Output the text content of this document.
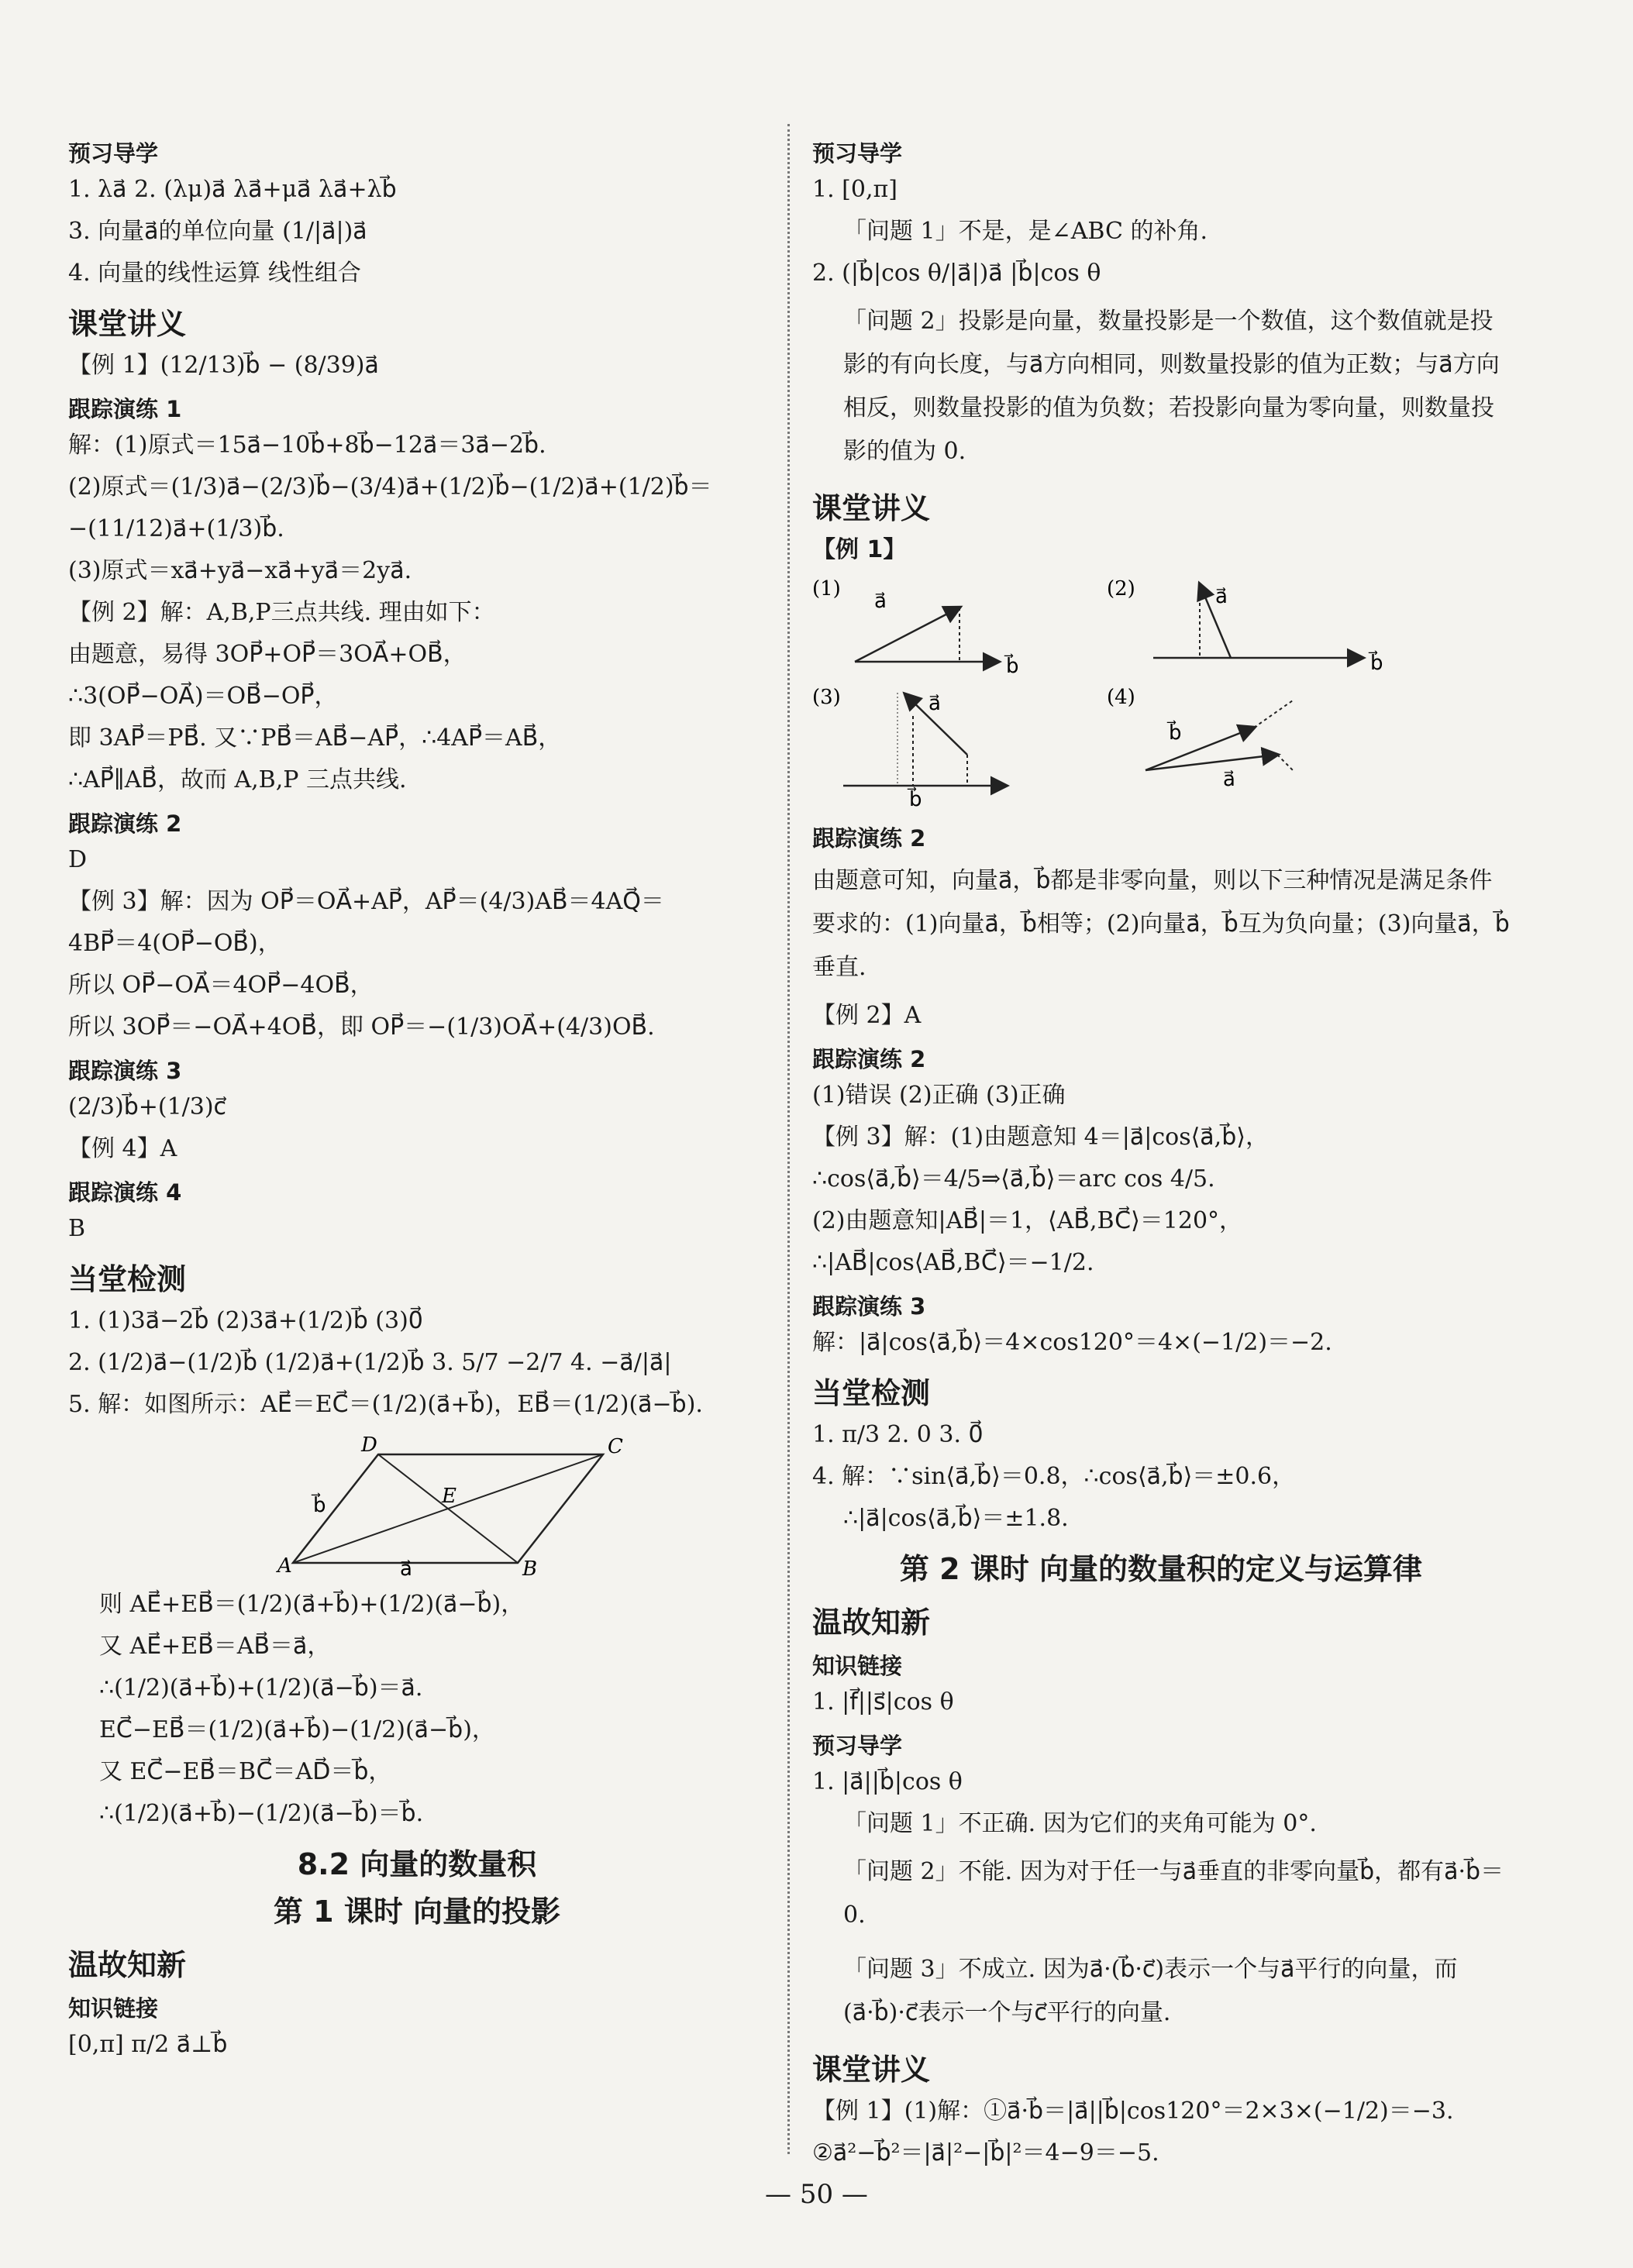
预习导学
1. λa⃗ 2. (λμ)a⃗ λa⃗+μa⃗ λa⃗+λb⃗
3. 向量a⃗的单位向量 (1/|a⃗|)a⃗
4. 向量的线性运算 线性组合
课堂讲义
【例 1】(12/13)b⃗ − (8/39)a⃗
跟踪演练 1
解：(1)原式＝15a⃗−10b⃗+8b⃗−12a⃗＝3a⃗−2b⃗.
(2)原式＝(1/3)a⃗−(2/3)b⃗−(3/4)a⃗+(1/2)b⃗−(1/2)a⃗+(1/2)b⃗＝
−(11/12)a⃗+(1/3)b⃗.
(3)原式＝xa⃗+ya⃗−xa⃗+ya⃗＝2ya⃗.
【例 2】解：A,B,P三点共线. 理由如下：
由题意，易得 3OP⃗+OP⃗＝3OA⃗+OB⃗，
∴3(OP⃗−OA⃗)＝OB⃗−OP⃗，
即 3AP⃗＝PB⃗. 又∵PB⃗＝AB⃗−AP⃗，∴4AP⃗＝AB⃗，
∴AP⃗∥AB⃗，故而 A,B,P 三点共线.
跟踪演练 2
D
【例 3】解：因为 OP⃗＝OA⃗+AP⃗，AP⃗＝(4/3)AB⃗＝4AQ⃗＝
4BP⃗＝4(OP⃗−OB⃗)，
所以 OP⃗−OA⃗＝4OP⃗−4OB⃗，
所以 3OP⃗＝−OA⃗+4OB⃗，即 OP⃗＝−(1/3)OA⃗+(4/3)OB⃗.
跟踪演练 3
(2/3)b⃗+(1/3)c⃗
【例 4】A
跟踪演练 4
B
当堂检测
1. (1)3a⃗−2b⃗ (2)3a⃗+(1/2)b⃗ (3)0⃗
2. (1/2)a⃗−(1/2)b⃗ (1/2)a⃗+(1/2)b⃗ 3. 5/7 −2/7 4. −a⃗/|a⃗|
5. 解：如图所示：AE⃗＝EC⃗＝(1/2)(a⃗+b⃗)，EB⃗＝(1/2)(a⃗−b⃗).
A	B
C
D
E
a⃗
b⃗
则 AE⃗+EB⃗＝(1/2)(a⃗+b⃗)+(1/2)(a⃗−b⃗)，
又 AE⃗+EB⃗＝AB⃗＝a⃗，
∴(1/2)(a⃗+b⃗)+(1/2)(a⃗−b⃗)＝a⃗.
EC⃗−EB⃗＝(1/2)(a⃗+b⃗)−(1/2)(a⃗−b⃗)，
又 EC⃗−EB⃗＝BC⃗＝AD⃗＝b⃗，
∴(1/2)(a⃗+b⃗)−(1/2)(a⃗−b⃗)＝b⃗.
8.2 向量的数量积
第 1 课时 向量的投影
温故知新
知识链接
[0,π] π/2 a⃗⊥b⃗
预习导学
1. [0,π]
「问题 1」不是，是∠ABC 的补角.
2. (|b⃗|cos θ/|a⃗|)a⃗ |b⃗|cos θ
「问题 2」投影是向量，数量投影是一个数值，这个数值就是投影的有向长度，与a⃗方向相同，则数量投影的值为正数；与a⃗方向相反，则数量投影的值为负数；若投影向量为零向量，则数量投影的值为 0.
课堂讲义
【例 1】
(1)
a⃗
b⃗
(2)	a⃗
b⃗
(3)	a⃗
b⃗
(4)
b⃗
a⃗
跟踪演练 2
由题意可知，向量a⃗，b⃗都是非零向量，则以下三种情况是满足条件要求的：(1)向量a⃗，b⃗相等；(2)向量a⃗，b⃗互为负向量；(3)向量a⃗，b⃗垂直.
【例 2】A
跟踪演练 2
(1)错误 (2)正确 (3)正确
【例 3】解：(1)由题意知 4＝|a⃗|cos⟨a⃗,b⃗⟩，
∴cos⟨a⃗,b⃗⟩＝4/5⇒⟨a⃗,b⃗⟩＝arc cos 4/5.
(2)由题意知|AB⃗|＝1，⟨AB⃗,BC⃗⟩＝120°，
∴|AB⃗|cos⟨AB⃗,BC⃗⟩＝−1/2.
跟踪演练 3
解：|a⃗|cos⟨a⃗,b⃗⟩＝4×cos120°＝4×(−1/2)＝−2.
当堂检测
1. π/3 2. 0 3. 0⃗
4. 解：∵sin⟨a⃗,b⃗⟩＝0.8，∴cos⟨a⃗,b⃗⟩＝±0.6，
∴|a⃗|cos⟨a⃗,b⃗⟩＝±1.8.
第 2 课时 向量的数量积的定义与运算律
温故知新
知识链接
1. |f⃗||s⃗|cos θ
预习导学
1. |a⃗||b⃗|cos θ
「问题 1」不正确. 因为它们的夹角可能为 0°.
「问题 2」不能. 因为对于任一与a⃗垂直的非零向量b⃗，都有a⃗·b⃗＝0.
「问题 3」不成立. 因为a⃗·(b⃗·c⃗)表示一个与a⃗平行的向量，而(a⃗·b⃗)·c⃗表示一个与c⃗平行的向量.
课堂讲义
【例 1】(1)解：①a⃗·b⃗＝|a⃗||b⃗|cos120°＝2×3×(−1/2)＝−3.
②a⃗²−b⃗²＝|a⃗|²−|b⃗|²＝4−9＝−5.
— 50 —
